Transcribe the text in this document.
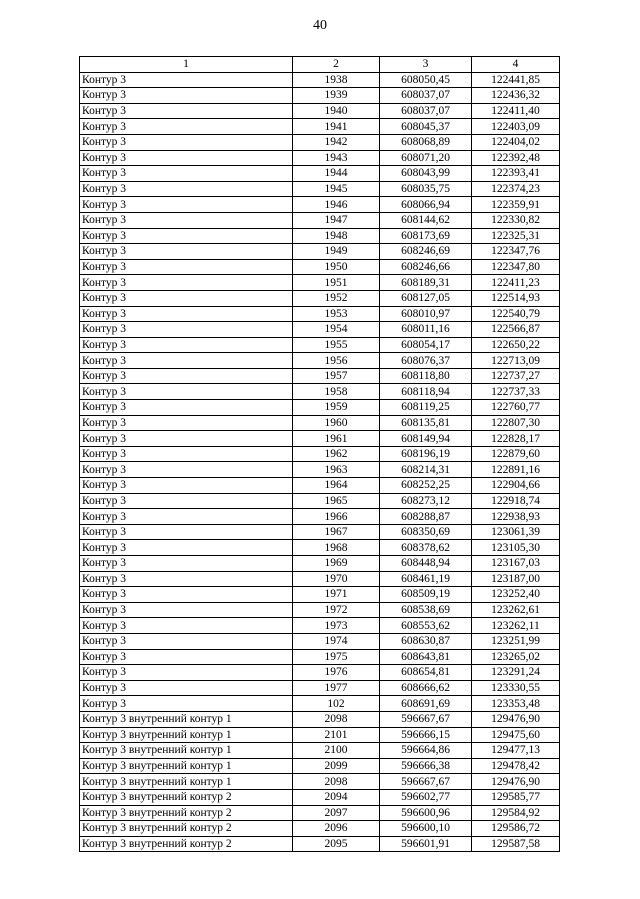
40
1	2	3	4
Контур 3	1938	608050,45	122441,85
Контур 3	1939	608037,07	122436,32
Контур 3	1940	608037,07	122411,40
Контур 3	1941	608045,37	122403,09
Контур 3	1942	608068,89	122404,02
Контур 3	1943	608071,20	122392,48
Контур 3	1944	608043,99	122393,41
Контур 3	1945	608035,75	122374,23
Контур 3	1946	608066,94	122359,91
Контур 3	1947	608144,62	122330,82
Контур 3	1948	608173,69	122325,31
Контур 3	1949	608246,69	122347,76
Контур 3	1950	608246,66	122347,80
Контур 3	1951	608189,31	122411,23
Контур 3	1952	608127,05	122514,93
Контур 3	1953	608010,97	122540,79
Контур 3	1954	608011,16	122566,87
Контур 3	1955	608054,17	122650,22
Контур 3	1956	608076,37	122713,09
Контур 3	1957	608118,80	122737,27
Контур 3	1958	608118,94	122737,33
Контур 3	1959	608119,25	122760,77
Контур 3	1960	608135,81	122807,30
Контур 3	1961	608149,94	122828,17
Контур 3	1962	608196,19	122879,60
Контур 3	1963	608214,31	122891,16
Контур 3	1964	608252,25	122904,66
Контур 3	1965	608273,12	122918,74
Контур 3	1966	608288,87	122938,93
Контур 3	1967	608350,69	123061,39
Контур 3	1968	608378,62	123105,30
Контур 3	1969	608448,94	123167,03
Контур 3	1970	608461,19	123187,00
Контур 3	1971	608509,19	123252,40
Контур 3	1972	608538,69	123262,61
Контур 3	1973	608553,62	123262,11
Контур 3	1974	608630,87	123251,99
Контур 3	1975	608643,81	123265,02
Контур 3	1976	608654,81	123291,24
Контур 3	1977	608666,62	123330,55
Контур 3	102	608691,69	123353,48
Контур 3 внутренний контур 1	2098	596667,67	129476,90
Контур 3 внутренний контур 1	2101	596666,15	129475,60
Контур 3 внутренний контур 1	2100	596664,86	129477,13
Контур 3 внутренний контур 1	2099	596666,38	129478,42
Контур 3 внутренний контур 1	2098	596667,67	129476,90
Контур 3 внутренний контур 2	2094	596602,77	129585,77
Контур 3 внутренний контур 2	2097	596600,96	129584,92
Контур 3 внутренний контур 2	2096	596600,10	129586,72
Контур 3 внутренний контур 2	2095	596601,91	129587,58
